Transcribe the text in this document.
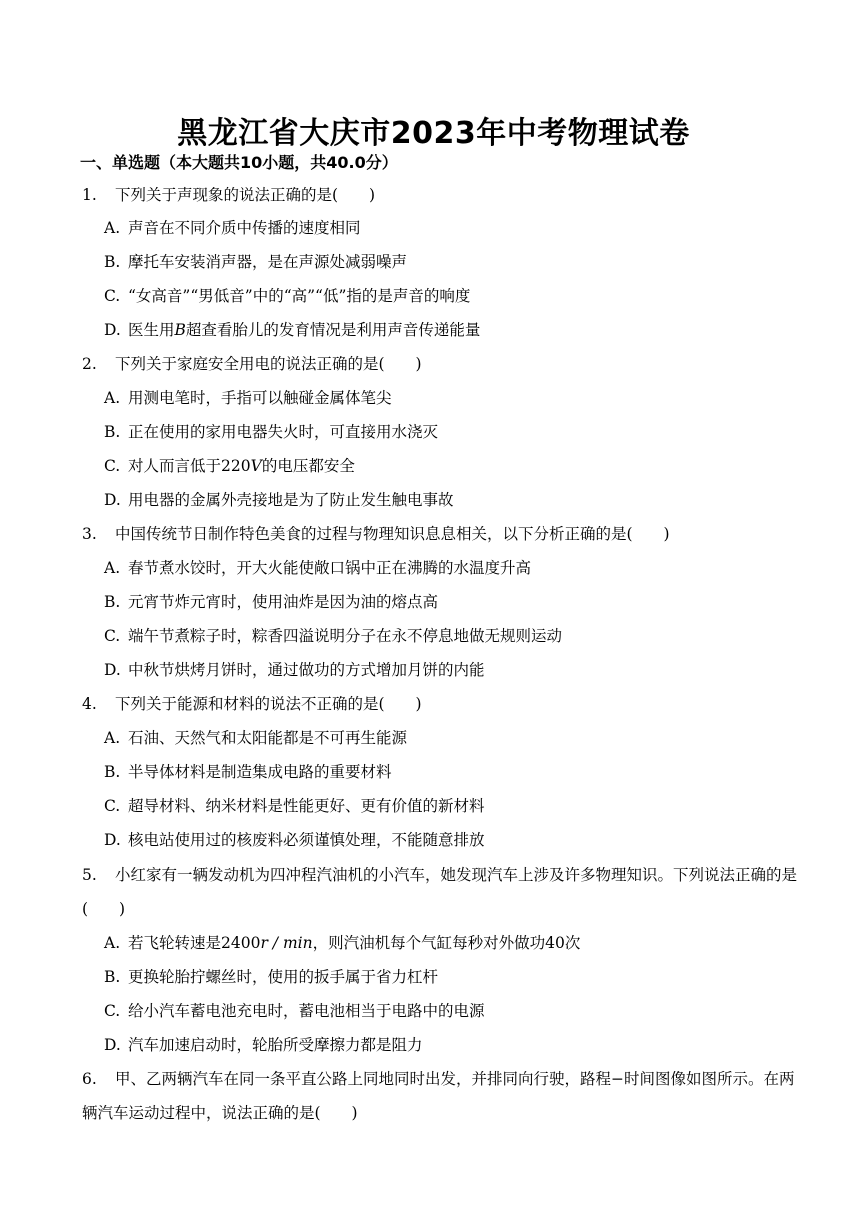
黑龙江省大庆市2023年中考物理试卷
一、单选题（本大题共10小题，共40.0分）
1. 下列关于声现象的说法正确的是(　　)
A. 声音在不同介质中传播的速度相同
B. 摩托车安装消声器，是在声源处减弱噪声
C. “女高音”“男低音”中的“高”“低”指的是声音的响度
D. 医生用B超查看胎儿的发育情况是利用声音传递能量
2. 下列关于家庭安全用电的说法正确的是(　　)
A. 用测电笔时，手指可以触碰金属体笔尖
B. 正在使用的家用电器失火时，可直接用水浇灭
C. 对人而言低于220V的电压都安全
D. 用电器的金属外壳接地是为了防止发生触电事故
3. 中国传统节日制作特色美食的过程与物理知识息息相关，以下分析正确的是(　　)
A. 春节煮水饺时，开大火能使敞口锅中正在沸腾的水温度升高
B. 元宵节炸元宵时，使用油炸是因为油的熔点高
C. 端午节煮粽子时，粽香四溢说明分子在永不停息地做无规则运动
D. 中秋节烘烤月饼时，通过做功的方式增加月饼的内能
4. 下列关于能源和材料的说法不正确的是(　　)
A. 石油、天然气和太阳能都是不可再生能源
B. 半导体材料是制造集成电路的重要材料
C. 超导材料、纳米材料是性能更好、更有价值的新材料
D. 核电站使用过的核废料必须谨慎处理，不能随意排放
5. 小红家有一辆发动机为四冲程汽油机的小汽车，她发现汽车上涉及许多物理知识。下列说法正确的是
(　　)
A. 若飞轮转速是2400r / min，则汽油机每个气缸每秒对外做功40次
B. 更换轮胎拧螺丝时，使用的扳手属于省力杠杆
C. 给小汽车蓄电池充电时，蓄电池相当于电路中的电源
D. 汽车加速启动时，轮胎所受摩擦力都是阻力
6. 甲、乙两辆汽车在同一条平直公路上同地同时出发，并排同向行驶，路程−时间图像如图所示。在两
辆汽车运动过程中，说法正确的是(　　)
